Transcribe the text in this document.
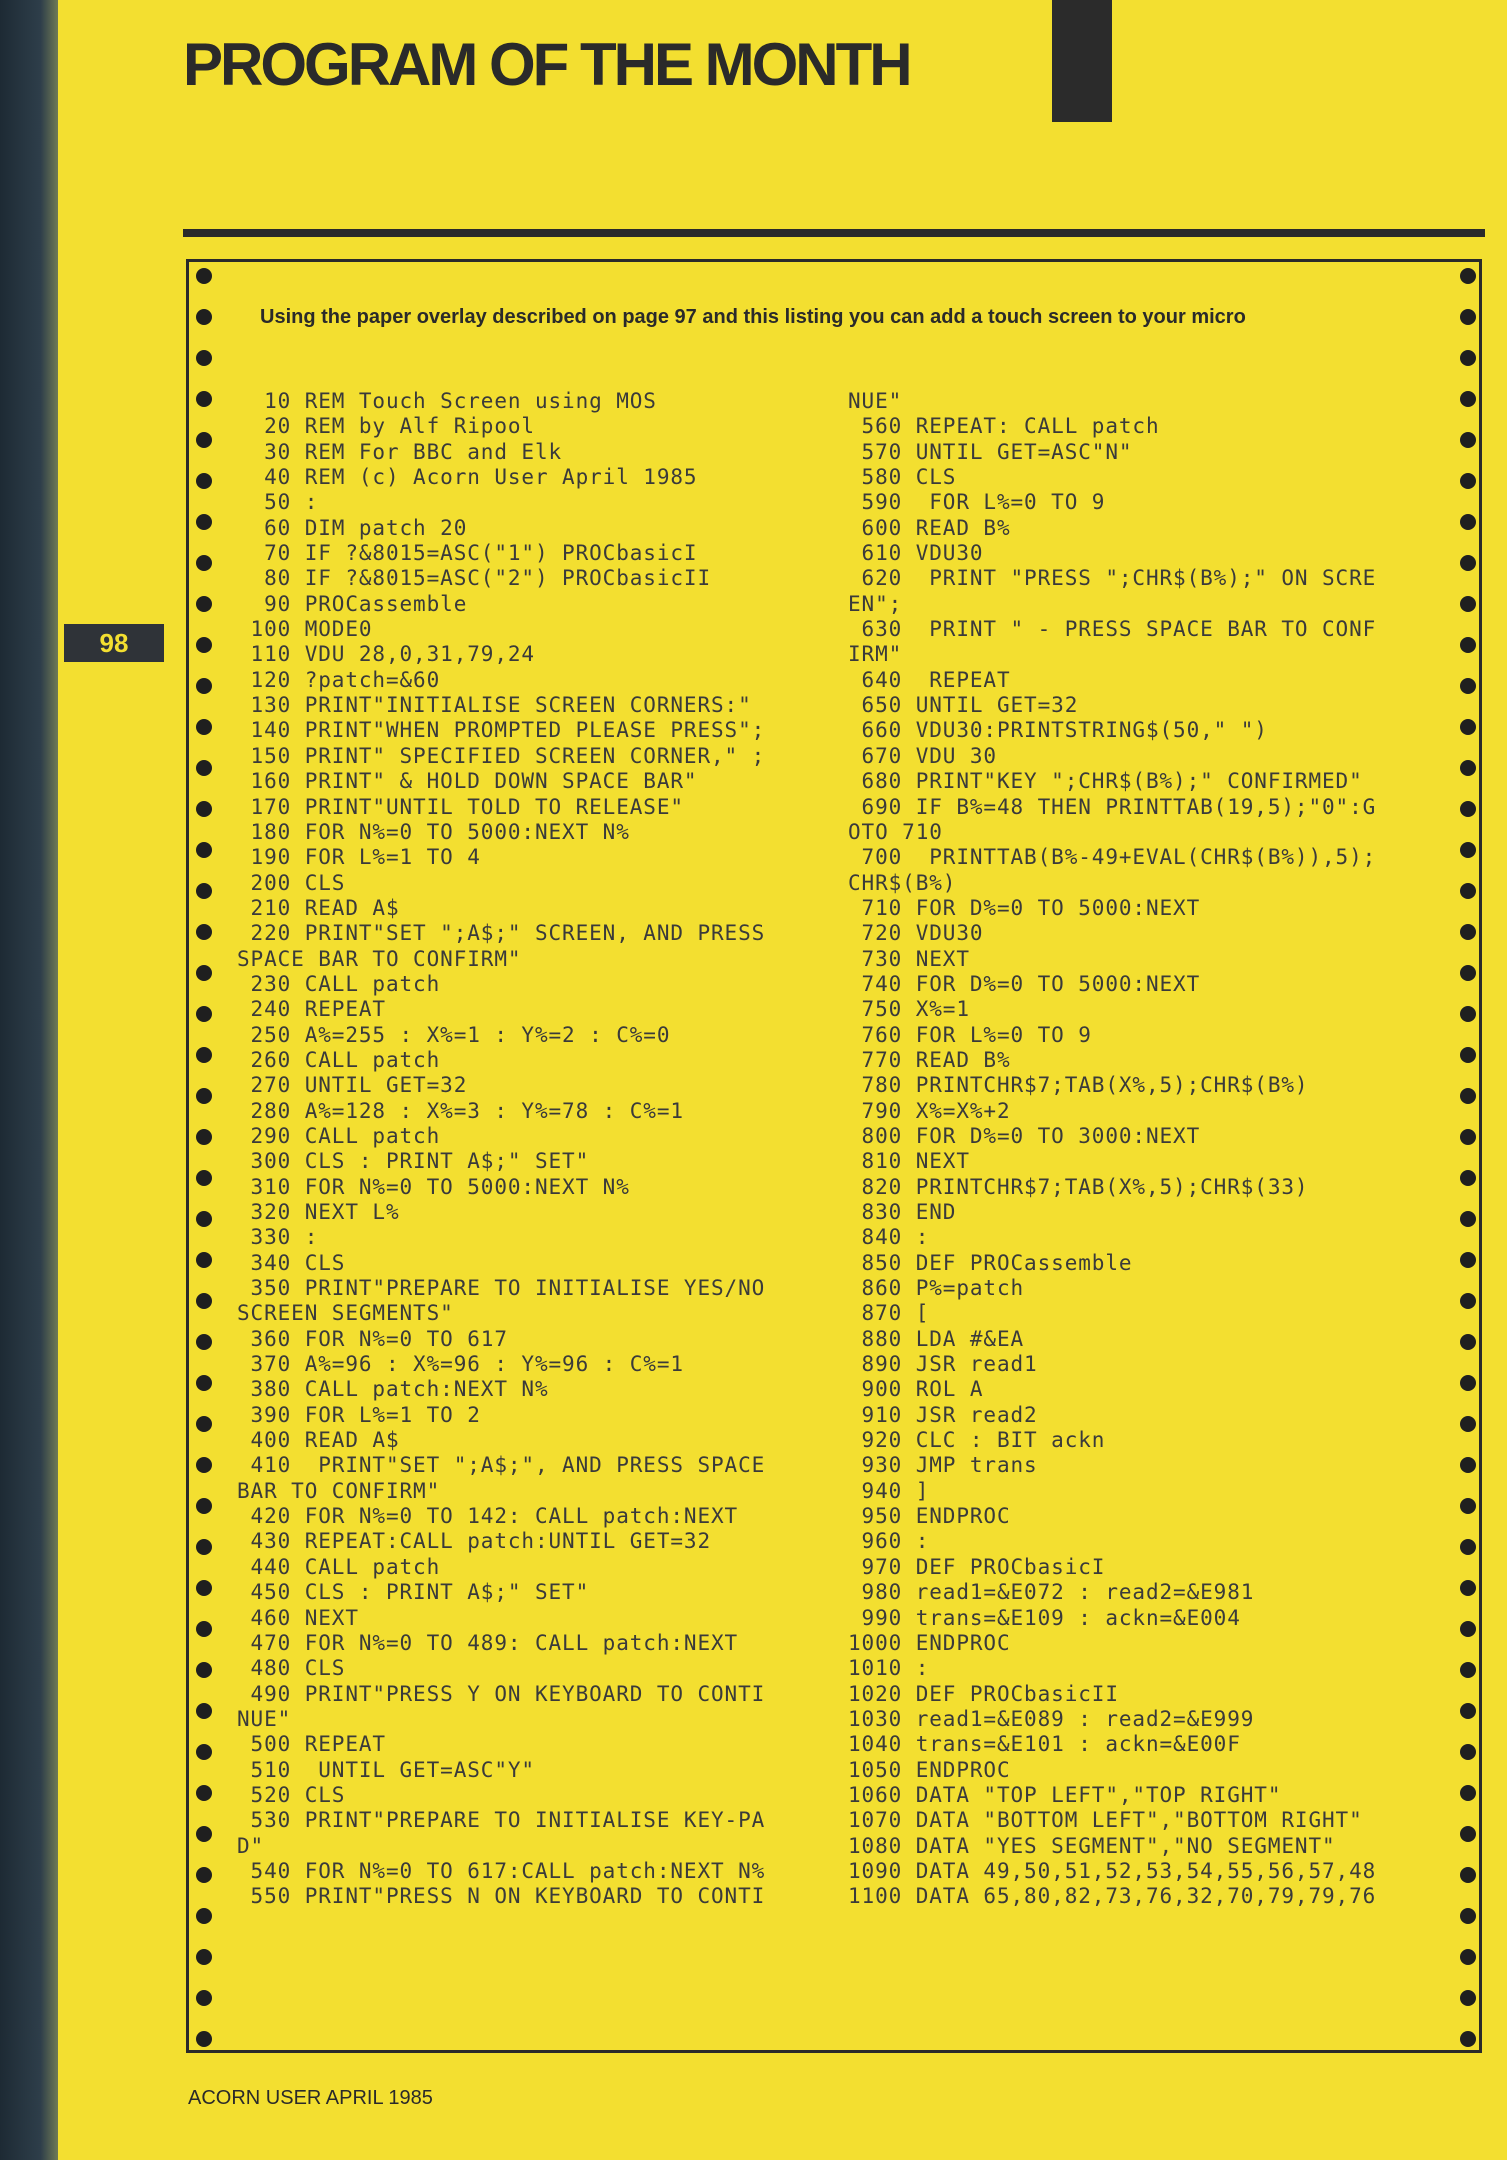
PROGRAM OF THE MONTH
98
Using the paper overlay described on page 97 and this listing you can add a touch screen to your micro
10 REM Touch Screen using MOS
20 REM by Alf Ripool
30 REM For BBC and Elk
40 REM (c) Acorn User April 1985
50 :
60 DIM patch 20
70 IF ?&8015=ASC("1") PROCbasicI
80 IF ?&8015=ASC("2") PROCbasicII
90 PROCassemble
100 MODE0
110 VDU 28,0,31,79,24
120 ?patch=&60
130 PRINT"INITIALISE SCREEN CORNERS:"
140 PRINT"WHEN PROMPTED PLEASE PRESS";
150 PRINT" SPECIFIED SCREEN CORNER," ;
160 PRINT" & HOLD DOWN SPACE BAR"
170 PRINT"UNTIL TOLD TO RELEASE"
180 FOR N%=0 TO 5000:NEXT N%
190 FOR L%=1 TO 4
200 CLS
210 READ A$
220 PRINT"SET ";A$;" SCREEN, AND PRESS
SPACE BAR TO CONFIRM"
230 CALL patch
240 REPEAT
250 A%=255 : X%=1 : Y%=2 : C%=0
260 CALL patch
270 UNTIL GET=32
280 A%=128 : X%=3 : Y%=78 : C%=1
290 CALL patch
300 CLS : PRINT A$;" SET"
310 FOR N%=0 TO 5000:NEXT N%
320 NEXT L%
330 :
340 CLS
350 PRINT"PREPARE TO INITIALISE YES/NO
SCREEN SEGMENTS"
360 FOR N%=0 TO 617
370 A%=96 : X%=96 : Y%=96 : C%=1
380 CALL patch:NEXT N%
390 FOR L%=1 TO 2
400 READ A$
410  PRINT"SET ";A$;", AND PRESS SPACE
BAR TO CONFIRM"
420 FOR N%=0 TO 142: CALL patch:NEXT
430 REPEAT:CALL patch:UNTIL GET=32
440 CALL patch
450 CLS : PRINT A$;" SET"
460 NEXT
470 FOR N%=0 TO 489: CALL patch:NEXT
480 CLS
490 PRINT"PRESS Y ON KEYBOARD TO CONTI
NUE"
500 REPEAT
510  UNTIL GET=ASC"Y"
520 CLS
530 PRINT"PREPARE TO INITIALISE KEY-PA
D"
540 FOR N%=0 TO 617:CALL patch:NEXT N%
550 PRINT"PRESS N ON KEYBOARD TO CONTI
NUE"
560 REPEAT: CALL patch
570 UNTIL GET=ASC"N"
580 CLS
590  FOR L%=0 TO 9
600 READ B%
610 VDU30
620  PRINT "PRESS ";CHR$(B%);" ON SCRE
EN";
630  PRINT " - PRESS SPACE BAR TO CONF
IRM"
640  REPEAT
650 UNTIL GET=32
660 VDU30:PRINTSTRING$(50," ")
670 VDU 30
680 PRINT"KEY ";CHR$(B%);" CONFIRMED"
690 IF B%=48 THEN PRINTTAB(19,5);"0":G
OTO 710
700  PRINTTAB(B%-49+EVAL(CHR$(B%)),5);
CHR$(B%)
710 FOR D%=0 TO 5000:NEXT
720 VDU30
730 NEXT
740 FOR D%=0 TO 5000:NEXT
750 X%=1
760 FOR L%=0 TO 9
770 READ B%
780 PRINTCHR$7;TAB(X%,5);CHR$(B%)
790 X%=X%+2
800 FOR D%=0 TO 3000:NEXT
810 NEXT
820 PRINTCHR$7;TAB(X%,5);CHR$(33)
830 END
840 :
850 DEF PROCassemble
860 P%=patch
870 [
880 LDA #&EA
890 JSR read1
900 ROL A
910 JSR read2
920 CLC : BIT ackn
930 JMP trans
940 ]
950 ENDPROC
960 :
970 DEF PROCbasicI
980 read1=&E072 : read2=&E981
990 trans=&E109 : ackn=&E004
1000 ENDPROC
1010 :
1020 DEF PROCbasicII
1030 read1=&E089 : read2=&E999
1040 trans=&E101 : ackn=&E00F
1050 ENDPROC
1060 DATA "TOP LEFT","TOP RIGHT"
1070 DATA "BOTTOM LEFT","BOTTOM RIGHT"
1080 DATA "YES SEGMENT","NO SEGMENT"
1090 DATA 49,50,51,52,53,54,55,56,57,48
1100 DATA 65,80,82,73,76,32,70,79,79,76
ACORN USER APRIL 1985
